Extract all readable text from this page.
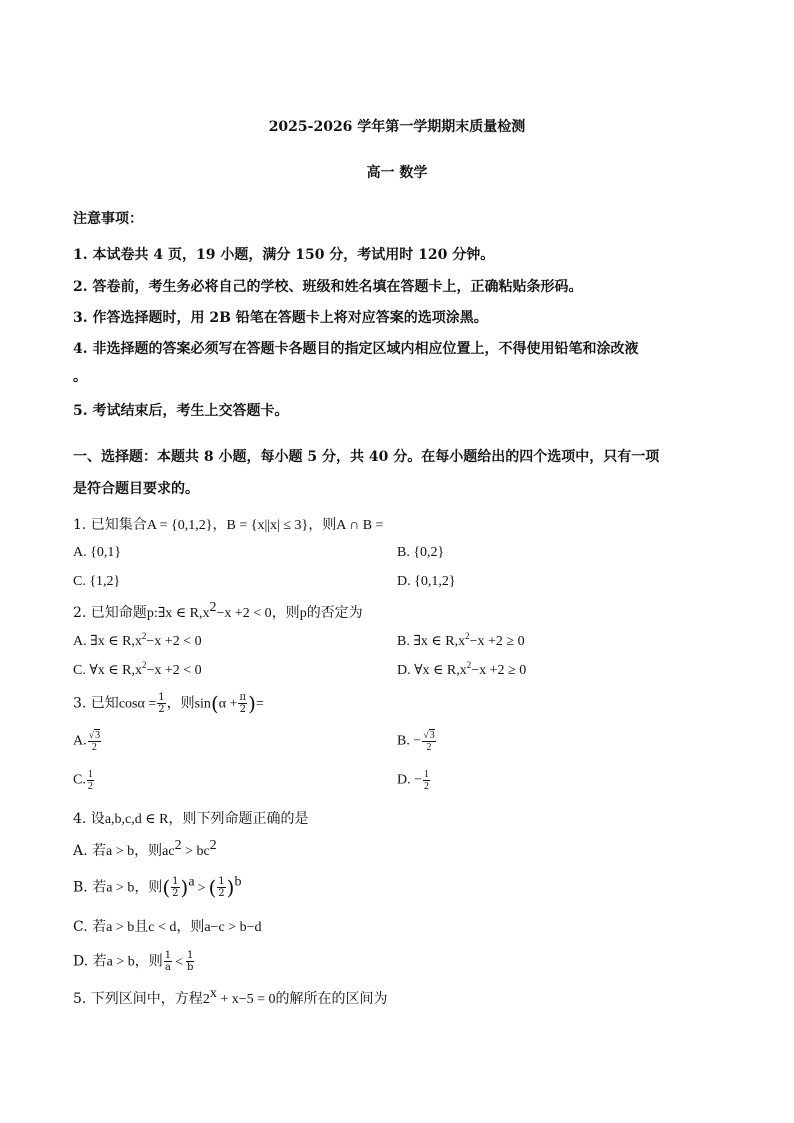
2025-2026 学年第一学期期末质量检测
高一 数学
注意事项：
1. 本试卷共 4 页，19 小题，满分 150 分，考试用时 120 分钟。
2. 答卷前，考生务必将自己的学校、班级和姓名填在答题卡上，正确粘贴条形码。
3. 作答选择题时，用 2B 铅笔在答题卡上将对应答案的选项涂黑。
4. 非选择题的答案必须写在答题卡各题目的指定区域内相应位置上，不得使用铅笔和涂改液
。
5. 考试结束后，考生上交答题卡。
一、选择题：本题共 8 小题，每小题 5 分，共 40 分。在每小题给出的四个选项中，只有一项
是符合题目要求的。
1. 已知集合A = {0,1,2}，B = {x||x| ≤ 3}，则A ∩ B =
A. {0,1}	B. {0,2}
C. {1,2}	D. {0,1,2}
2. 已知命题p:∃x ∈ $R,x^2-x +2 < 0$，则p的否定为
A. ∃x ∈ $R,x^2-x +2 < 0$	B. ∃x ∈ $R,x^2-x +2 \ge 0$
C. ∀x ∈ $R,x^2-x +2 < 0$	D. ∀x ∈ $R,x^2-x +2 \ge 0$
3. 已知$\cos\alpha = \frac{1}{2}$ ，则$\sin(\alpha + \frac{\pi}{2}$ )=
A. $\frac{√3}{2}$	B. − $\frac{√3}{2}$
C. $\frac{1}{2}$	D. − $\frac{1}{2}$
4. 设a,b,c,d ∈ R，则下列命题正确的是
A. 若a > b，则$ac^2 > bc^2$
B. 若a > b，则( $\frac{1}{2} )^a$ > ( $\frac{1}{2} )^b$
C. 若a > b且c < d，则a−c > b−d
D. 若a > b，则 $\frac{1}{a} < \frac{1}{b}$
5. 下列区间中，方程$2^x + x-5 = 0$的解所在的区间为
